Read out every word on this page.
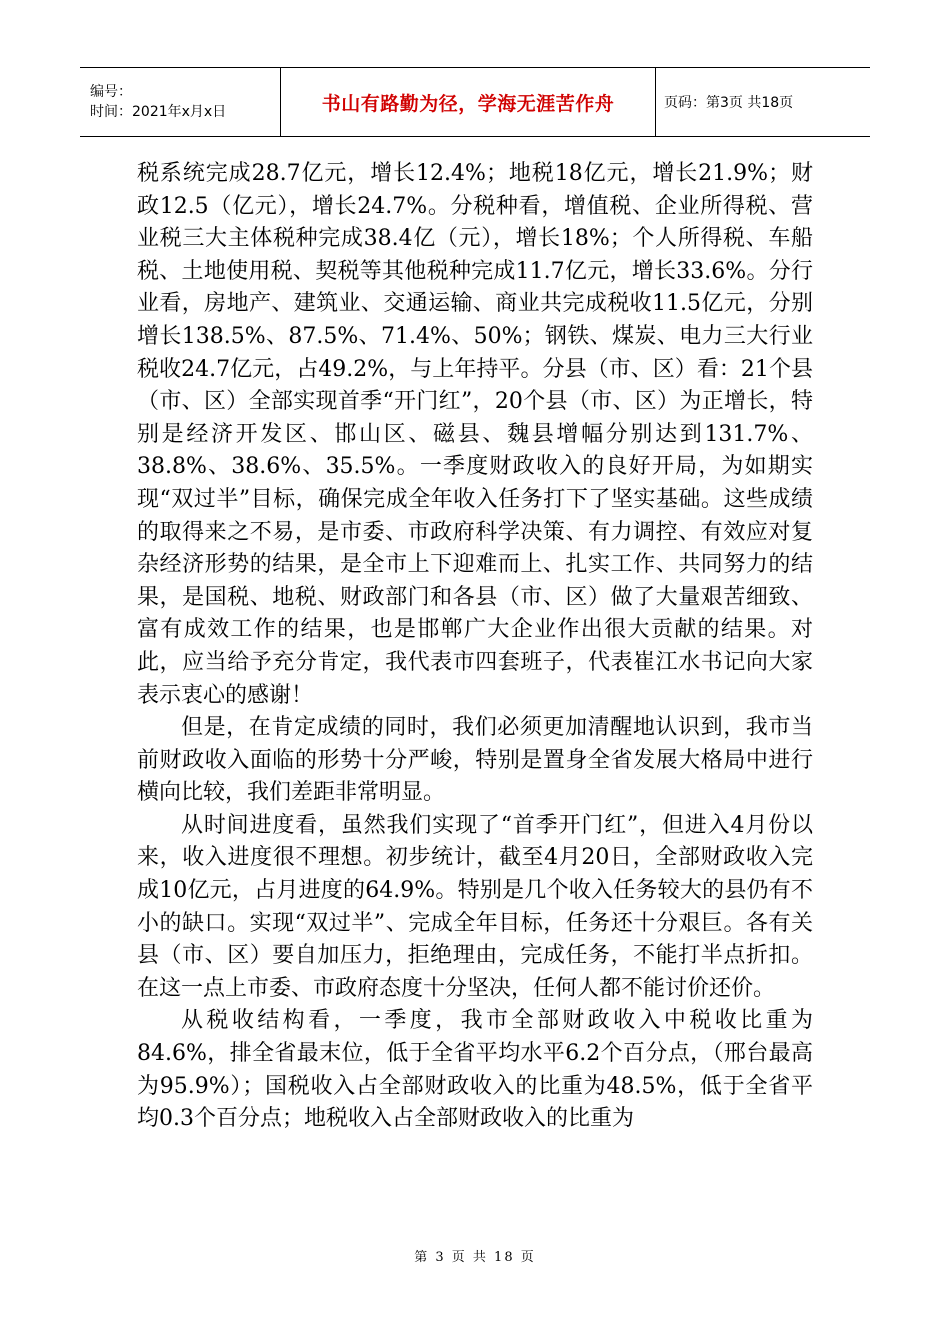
编号：
时间：2021年x月x日	书山有路勤为径，学海无涯苦作舟	页码：第3页 共18页

税系统完成28.7亿元，增长12.4%；地税18亿元，增长21.9%；财政12.5（亿元），增长24.7%。分税种看，增值税、企业所得税、营业税三大主体税种完成38.4亿（元），增长18%；个人所得税、车船税、土地使用税、契税等其他税种完成11.7亿元，增长33.6%。分行业看，房地产、建筑业、交通运输、商业共完成税收11.5亿元，分别增长138.5%、87.5%、71.4%、50%；钢铁、煤炭、电力三大行业税收24.7亿元，占49.2%，与上年持平。分县（市、区）看：21个县（市、区）全部实现首季“开门红”，20个县（市、区）为正增长，特别是经济开发区、邯山区、磁县、魏县增幅分别达到131.7%、38.8%、38.6%、35.5%。一季度财政收入的良好开局，为如期实现“双过半”目标，确保完成全年收入任务打下了坚实基础。这些成绩的取得来之不易，是市委、市政府科学决策、有力调控、有效应对复杂经济形势的结果，是全市上下迎难而上、扎实工作、共同努力的结果，是国税、地税、财政部门和各县（市、区）做了大量艰苦细致、富有成效工作的结果，也是邯郸广大企业作出很大贡献的结果。对此，应当给予充分肯定，我代表市四套班子，代表崔江水书记向大家表示衷心的感谢！

但是，在肯定成绩的同时，我们必须更加清醒地认识到，我市当前财政收入面临的形势十分严峻，特别是置身全省发展大格局中进行横向比较，我们差距非常明显。

从时间进度看，虽然我们实现了“首季开门红”，但进入4月份以来，收入进度很不理想。初步统计，截至4月20日，全部财政收入完成10亿元，占月进度的64.9%。特别是几个收入任务较大的县仍有不小的缺口。实现“双过半”、完成全年目标，任务还十分艰巨。各有关县（市、区）要自加压力，拒绝理由，完成任务，不能打半点折扣。在这一点上市委、市政府态度十分坚决，任何人都不能讨价还价。

从税收结构看，一季度，我市全部财政收入中税收比重为84.6%，排全省最末位，低于全省平均水平6.2个百分点，（邢台最高为95.9%）；国税收入占全部财政收入的比重为48.5%，低于全省平均0.3个百分点；地税收入占全部财政收入的比重为

第 3 页 共 18 页
